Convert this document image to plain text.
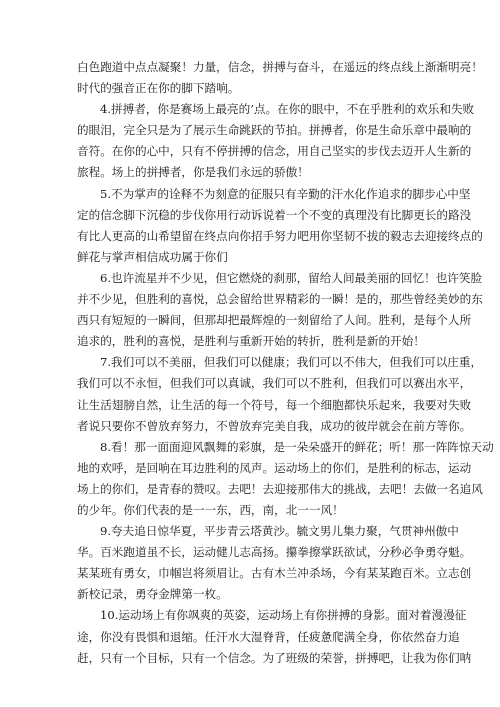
白色跑道中点点凝聚！力量，信念，拼搏与奋斗，在遥远的终点线上渐渐明亮！
时代的强音正在你的脚下踏响。
4.拼搏者，你是赛场上最亮的’点。在你的眼中，不在乎胜利的欢乐和失败
的眼泪，完全只是为了展示生命跳跃的节拍。拼搏者，你是生命乐章中最响的
音符。在你的心中，只有不停拼搏的信念，用自己坚实的步伐去迈开人生新的
旅程。场上的拼搏者，你是我们永远的骄傲！
5.不为掌声的诠释不为刻意的征服只有辛勤的汗水化作追求的脚步心中坚
定的信念脚下沉稳的步伐你用行动诉说着一个不变的真理没有比脚更长的路没
有比人更高的山希望留在终点向你招手努力吧用你坚韧不拔的毅志去迎接终点的
鲜花与掌声相信成功属于你们
6.也许流星并不少见，但它燃烧的刹那，留给人间最美丽的回忆！也许笑脸
并不少见，但胜利的喜悦，总会留给世界精彩的一瞬！是的，那些曾经美妙的东
西只有短短的一瞬间，但那却把最辉煌的一刻留给了人间。胜利，是每个人所
追求的，胜利的喜悦，是胜利与重新开始的转折，胜利是新的开始！
7.我们可以不美丽，但我们可以健康；我们可以不伟大，但我们可以庄重，
我们可以不永恒，但我们可以真诚，我们可以不胜利，但我们可以赛出水平，
让生活翅膀自然，让生活的每一个符号，每一个细胞都快乐起来，我要对失败
者说只要你不曾放弃努力，不曾放弃完美自我，成功的彼岸就会在前方等你。
8.看！那一面面迎风飘舞的彩旗，是一朵朵盛开的鲜花；听！那一阵阵惊天动
地的欢呼，是回响在耳边胜利的凤声。运动场上的你们，是胜利的标志，运动
场上的你们，是青春的赞叹。去吧！去迎接那伟大的挑战，去吧！去做一名追风
的少年。你们代表的是一一东，西，南，北一一风！
9.夸夫追日惊华夏，平步青云塔黄沙。毓文男儿集力聚，气贯神州傲中
华。百米跑道虽不长，运动健儿志高扬。攥拳擦掌跃欲试，分秒必争勇夺魁。
某某班有勇女，巾帼岂将须眉让。古有木兰冲杀场，今有某某跑百米。立志创
新校记录，勇夺金牌第一枚。
10.运动场上有你飒爽的英姿，运动场上有你拼搏的身影。面对着漫漫征
途，你没有畏惧和退缩。任汗水大湿脊背，任疲惫爬满全身，你依然奋力追
赶，只有一个目标，只有一个信念。为了班级的荣誉，拼搏吧，让我为你们呐
